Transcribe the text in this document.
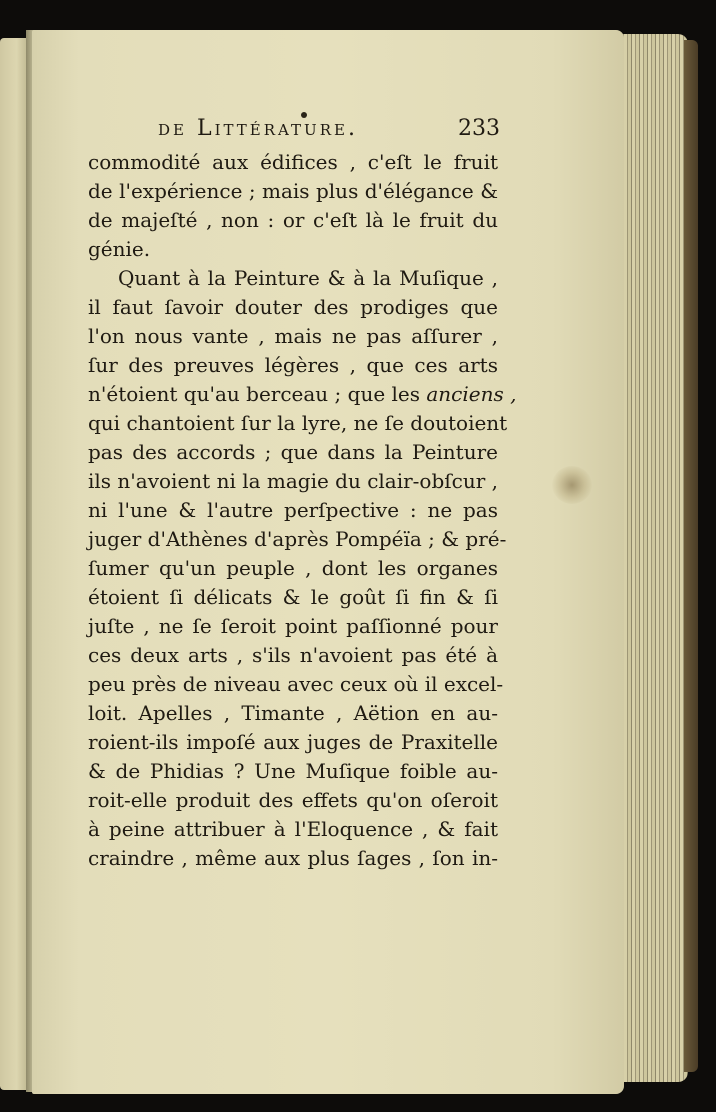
de Littérature.	233
commodité aux édifices , c'eſt le fruit
de l'expérience ; mais plus d'élégance &
de majeſté , non : or c'eſt là le fruit du
génie.
Quant à la Peinture & à la Muſique ,
il faut ſavoir douter des prodiges que
l'on nous vante , mais ne pas aſſurer ,
ſur des preuves légères , que ces arts
n'étoient qu'au berceau ; que les anciens ,
qui chantoient ſur la lyre, ne ſe doutoient
pas des accords ; que dans la Peinture
ils n'avoient ni la magie du clair-obſcur ,
ni l'une & l'autre perſpective : ne pas
juger d'Athènes d'après Pompéïa ; & pré-
ſumer qu'un peuple , dont les organes
étoient ſi délicats & le goût ſi fin & ſi
juſte , ne ſe ſeroit point paſſionné pour
ces deux arts , s'ils n'avoient pas été à
peu près de niveau avec ceux où il excel-
loit. Apelles , Timante , Aëtion en au-
roient-ils impoſé aux juges de Praxitelle
& de Phidias ? Une Muſique foible au-
roit-elle produit des effets qu'on oſeroit
à peine attribuer à l'Eloquence , & fait
craindre , même aux plus ſages , ſon in-
